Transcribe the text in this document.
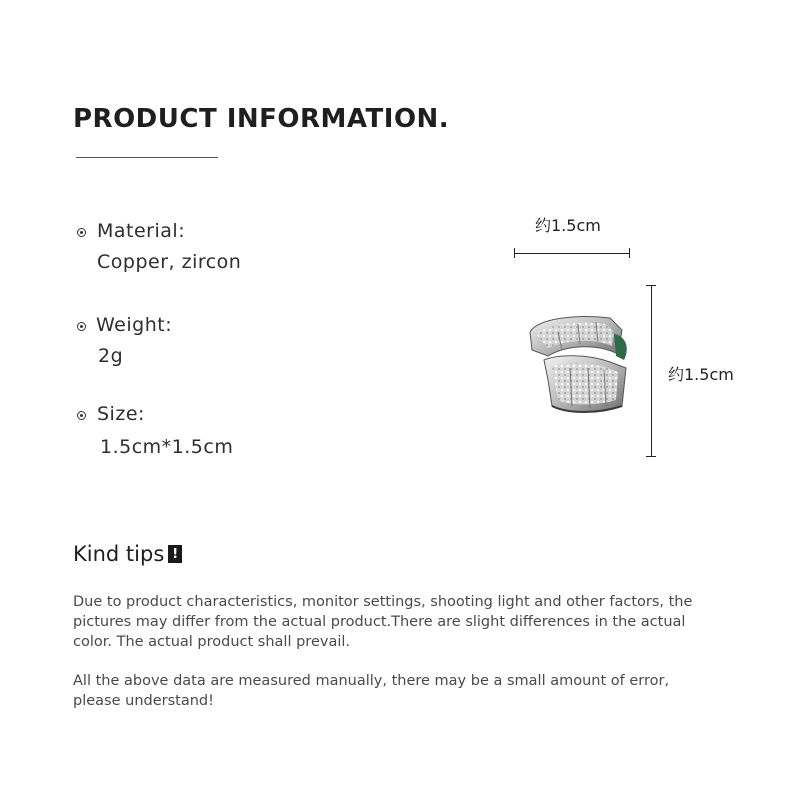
PRODUCT INFORMATION.
Material:
Copper, zircon
Weight:
2g
Size:
1.5cm*1.5cm
约1.5cm
约1.5cm
Kind tips !
Due to product characteristics, monitor settings, shooting light and other factors, the pictures may differ from the actual product.There are slight differences in the actual color. The actual product shall prevail.
All the above data are measured manually, there may be a small amount of error, please understand!
